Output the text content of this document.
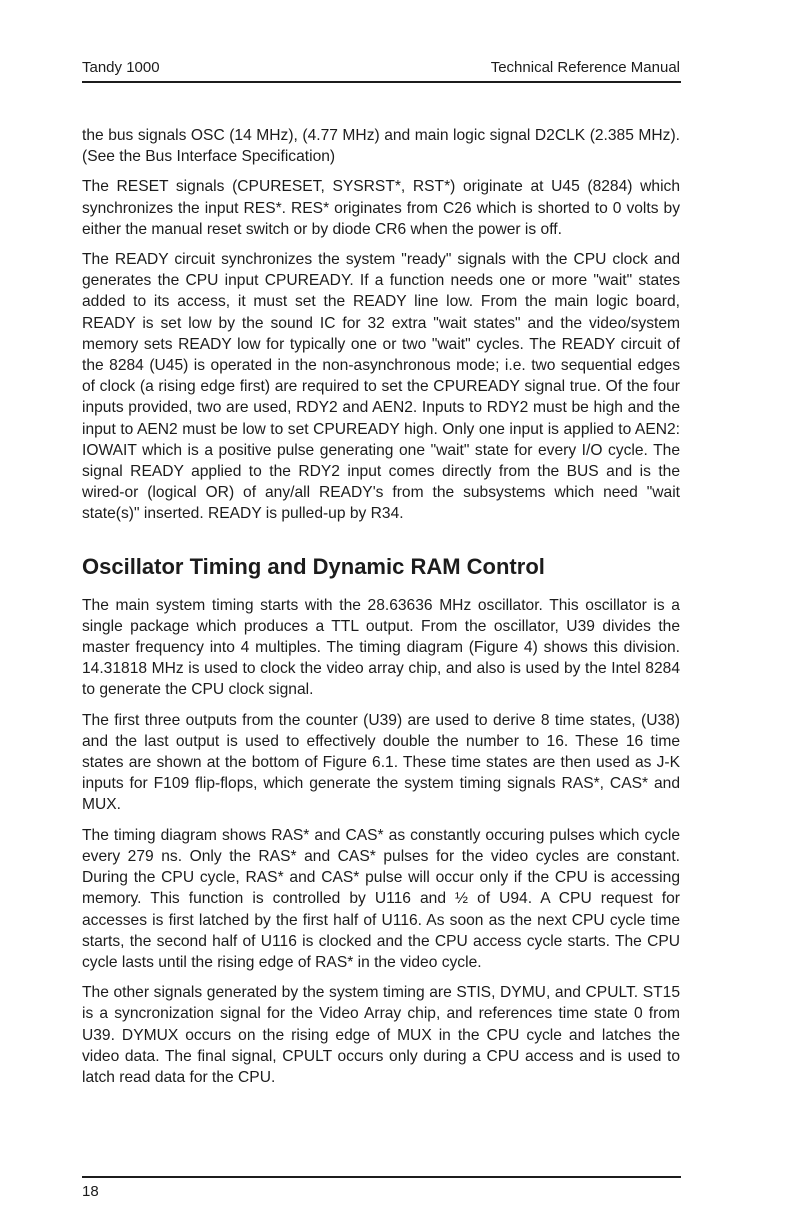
Tandy 1000	Technical Reference Manual

the bus signals OSC (14 MHz), (4.77 MHz) and main logic signal D2CLK (2.385 MHz). (See the Bus Interface Specification)

The RESET signals (CPURESET, SYSRST*, RST*) originate at U45 (8284) which synchronizes the input RES*. RES* originates from C26 which is shorted to 0 volts by either the manual reset switch or by diode CR6 when the power is off.

The READY circuit synchronizes the system "ready" signals with the CPU clock and generates the CPU input CPUREADY. If a function needs one or more "wait" states added to its access, it must set the READY line low. From the main logic board, READY is set low by the sound IC for 32 extra "wait states" and the video/system memory sets READY low for typically one or two "wait" cycles. The READY circuit of the 8284 (U45) is operated in the non-asynchronous mode; i.e. two sequential edges of clock (a rising edge first) are required to set the CPUREADY signal true. Of the four inputs provided, two are used, RDY2 and AEN2. Inputs to RDY2 must be high and the input to AEN2 must be low to set CPUREADY high. Only one input is applied to AEN2: IOWAIT which is a positive pulse generating one "wait" state for every I/O cycle. The signal READY applied to the RDY2 input comes directly from the BUS and is the wired-or (logical OR) of any/all READY's from the subsystems which need "wait state(s)" inserted. READY is pulled-up by R34.

Oscillator Timing and Dynamic RAM Control

The main system timing starts with the 28.63636 MHz oscillator. This oscillator is a single package which produces a TTL output. From the oscillator, U39 divides the master frequency into 4 multiples. The timing diagram (Figure 4) shows this division. 14.31818 MHz is used to clock the video array chip, and also is used by the Intel 8284 to generate the CPU clock signal.

The first three outputs from the counter (U39) are used to derive 8 time states, (U38) and the last output is used to effectively double the number to 16. These 16 time states are shown at the bottom of Figure 6.1. These time states are then used as J-K inputs for F109 flip-flops, which generate the system timing signals RAS*, CAS* and MUX.

The timing diagram shows RAS* and CAS* as constantly occuring pulses which cycle every 279 ns. Only the RAS* and CAS* pulses for the video cycles are constant. During the CPU cycle, RAS* and CAS* pulse will occur only if the CPU is accessing memory. This function is controlled by U116 and ½ of U94. A CPU request for accesses is first latched by the first half of U116. As soon as the next CPU cycle time starts, the second half of U116 is clocked and the CPU access cycle starts. The CPU cycle lasts until the rising edge of RAS* in the video cycle.

The other signals generated by the system timing are STIS, DYMU, and CPULT. ST15 is a syncronization signal for the Video Array chip, and references time state 0 from U39. DYMUX occurs on the rising edge of MUX in the CPU cycle and latches the video data. The final signal, CPULT occurs only during a CPU access and is used to latch read data for the CPU.

18
